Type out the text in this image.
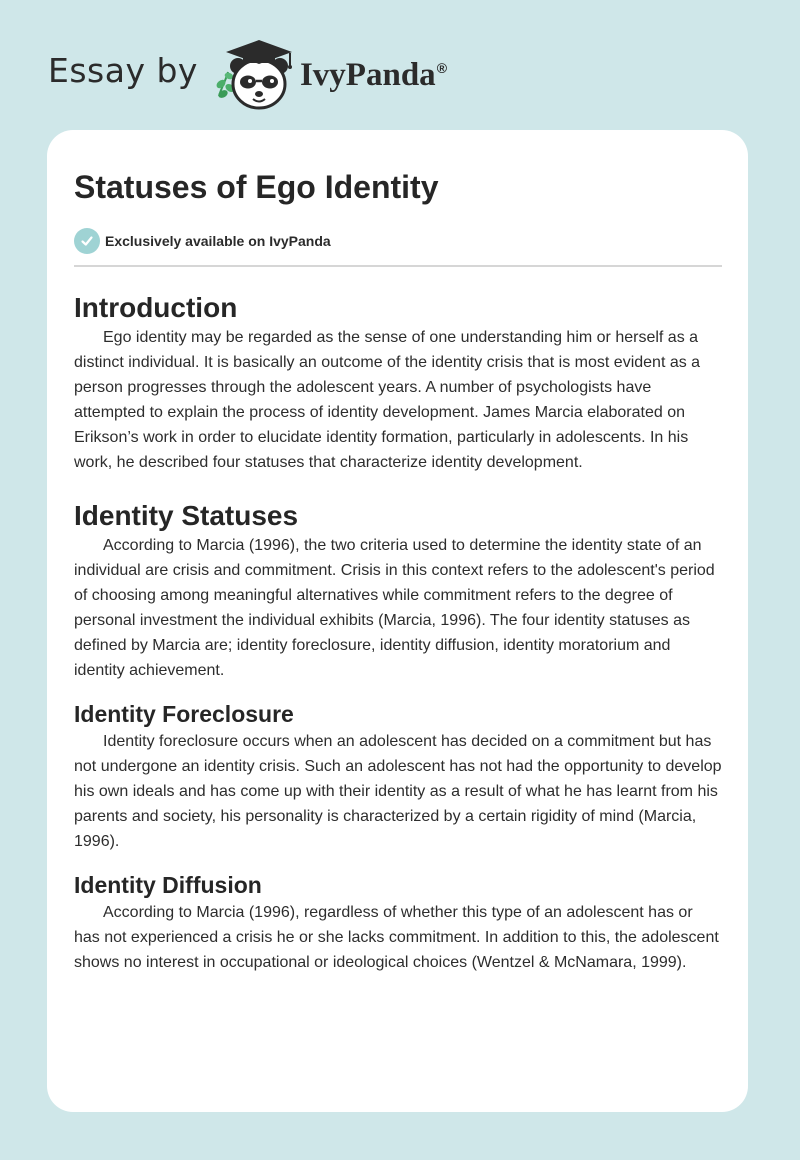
Essay by	IvyPanda®
Statuses of Ego Identity
Exclusively available on IvyPanda
Introduction

Ego identity may be regarded as the sense of one understanding him or herself as a distinct individual. It is basically an outcome of the identity crisis that is most evident as a person progresses through the adolescent years. A number of psychologists have attempted to explain the process of identity development. James Marcia elaborated on Erikson’s work in order to elucidate identity formation, particularly in adolescents. In his work, he described four statuses that characterize identity development.

Identity Statuses

According to Marcia (1996), the two criteria used to determine the identity state of an individual are crisis and commitment. Crisis in this context refers to the adolescent's period of choosing among meaningful alternatives while commitment refers to the degree of personal investment the individual exhibits (Marcia, 1996). The four identity statuses as defined by Marcia are; identity foreclosure, identity diffusion, identity moratorium and identity achievement.

Identity Foreclosure

Identity foreclosure occurs when an adolescent has decided on a commitment but has not undergone an identity crisis. Such an adolescent has not had the opportunity to develop his own ideals and has come up with their identity as a result of what he has learnt from his parents and society, his personality is characterized by a certain rigidity of mind (Marcia, 1996).

Identity Diffusion

According to Marcia (1996), regardless of whether this type of an adolescent has or has not experienced a crisis he or she lacks commitment. In addition to this, the adolescent shows no interest in occupational or ideological choices (Wentzel & McNamara, 1999).
